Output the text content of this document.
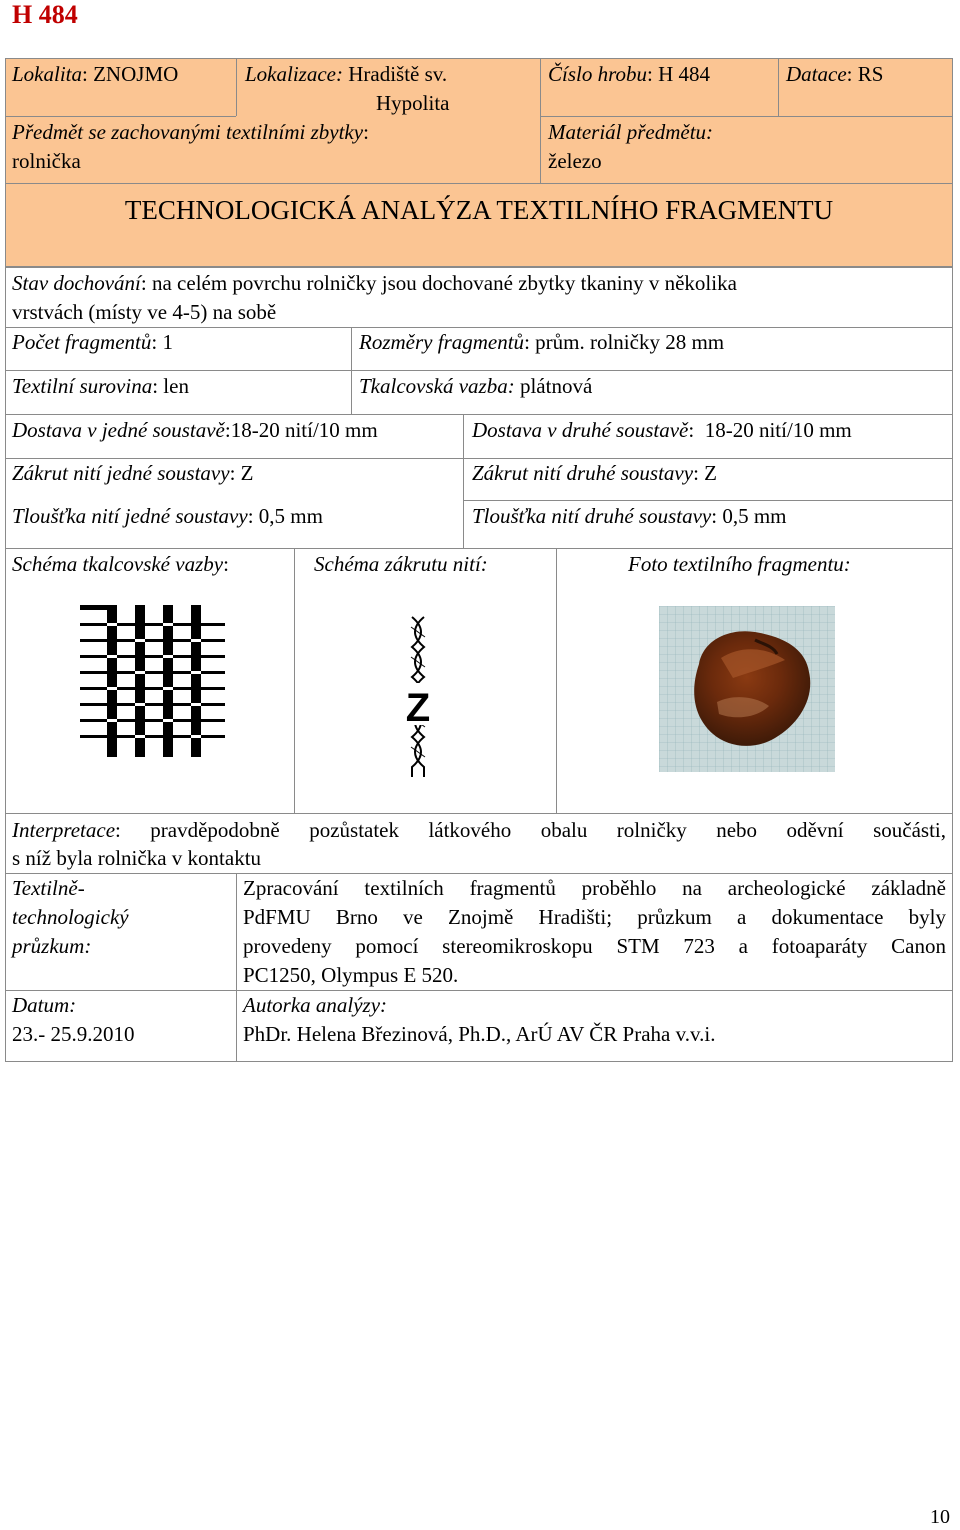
H 484
Lokalita: ZNOJMO	Lokalizace: Hradiště sv.
Hypolita
Číslo hrobu: H 484	Datace: RS
Předmět se zachovanými textilními zbytky:
rolnička
Materiál předmětu:
železo
TECHNOLOGICKÁ ANALÝZA TEXTILNÍHO FRAGMENTU
Stav dochování: na celém povrchu rolničky jsou dochované zbytky tkaniny v několika
vrstvách (místy ve 4-5) na sobě
Počet fragmentů: 1	Rozměry fragmentů: prům. rolničky 28 mm
Textilní surovina: len	Tkalcovská vazba: plátnová
Dostava v jedné soustavě:18-20 nití/10 mm	Dostava v druhé soustavě:  18-20 nití/10 mm
Zákrut nití jedné soustavy: Z	Zákrut nití druhé soustavy: Z
Tloušťka nití jedné soustavy: 0,5 mm	Tloušťka nití druhé soustavy: 0,5 mm
Schéma tkalcovské vazby:	Schéma zákrutu nití:	Foto textilního fragmentu:
Z
Interpretace: pravděpodobně pozůstatek látkového obalu rolničky nebo oděvní součásti,
s níž byla rolnička v kontaktu
Textilně-
technologický
průzkum:
Zpracování textilních fragmentů proběhlo na archeologické základně
PdFMU Brno ve Znojmě Hradišti; průzkum a dokumentace byly
provedeny pomocí stereomikroskopu STM 723 a fotoaparáty Canon
PC1250, Olympus E 520.
Datum:
23.- 25.9.2010
Autorka analýzy:
PhDr. Helena Březinová, Ph.D., ArÚ AV ČR Praha v.v.i.
10
